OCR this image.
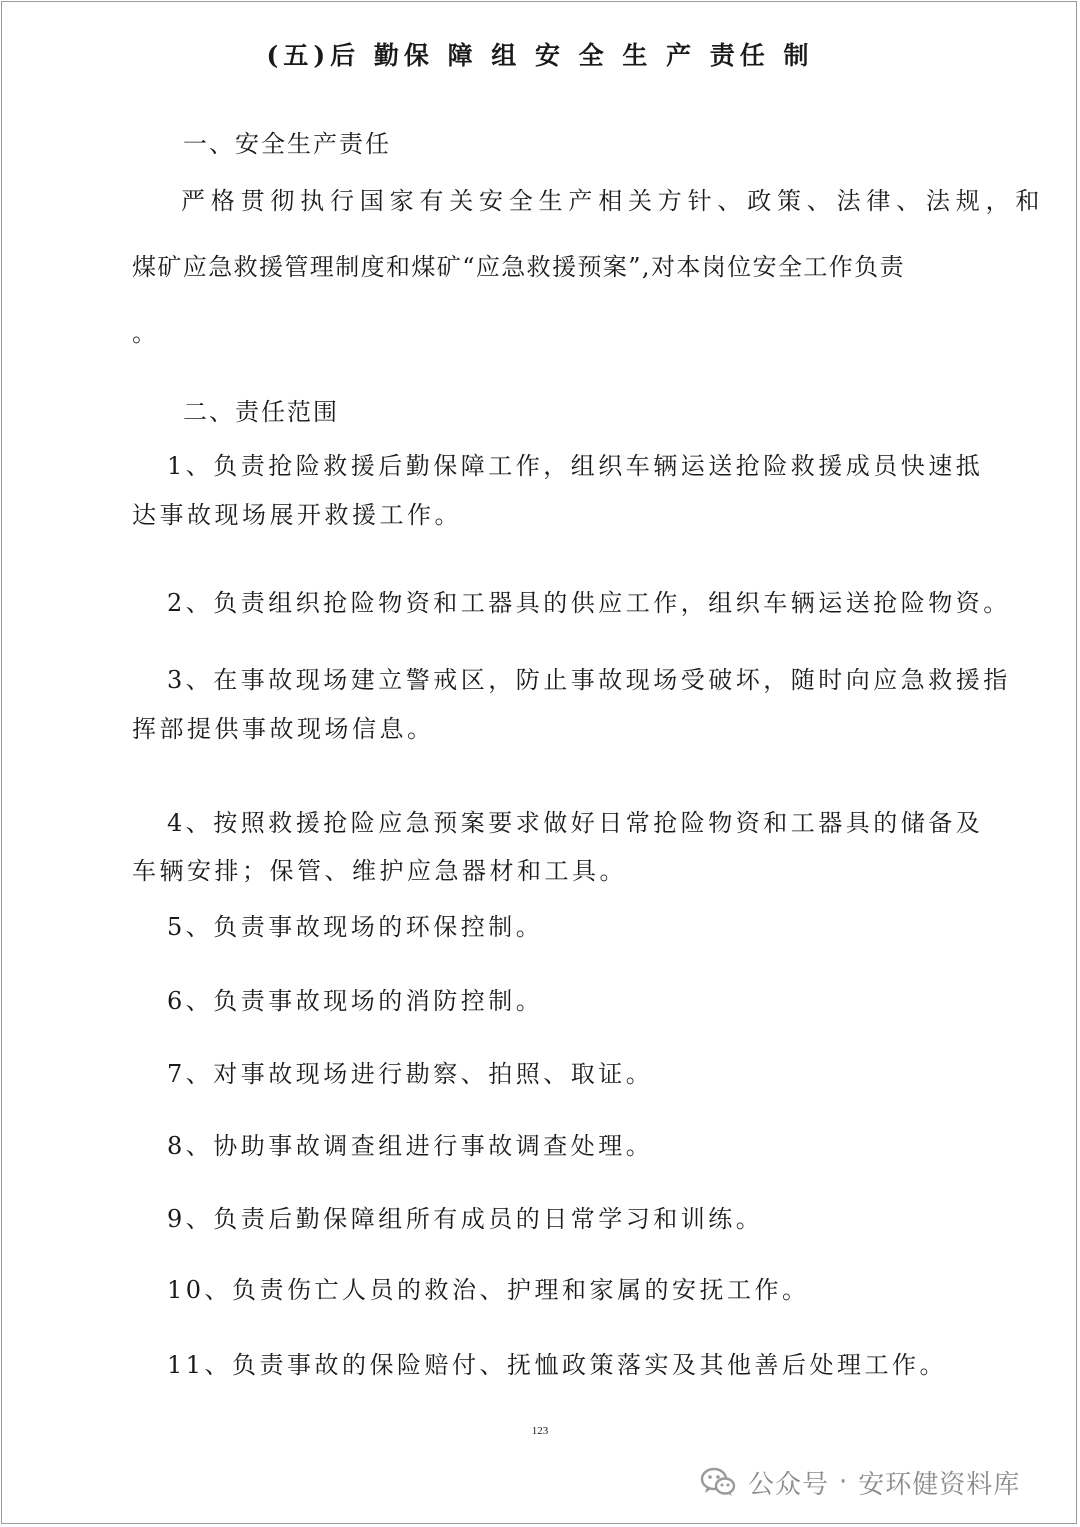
(五)后 勤保 障 组 安 全 生 产 责任 制

一、安全生产责任

严格贯彻执行国家有关安全生产相关方针、政策、法律、法规，和

煤矿应急救援管理制度和煤矿“应急救援预案”,对本岗位安全工作负责

。

二、责任范围

1、负责抢险救援后勤保障工作，组织车辆运送抢险救援成员快速抵

达事故现场展开救援工作。

2、负责组织抢险物资和工器具的供应工作，组织车辆运送抢险物资。

3、在事故现场建立警戒区，防止事故现场受破坏，随时向应急救援指

挥部提供事故现场信息。

4、按照救援抢险应急预案要求做好日常抢险物资和工器具的储备及

车辆安排；保管、维护应急器材和工具。

5、负责事故现场的环保控制。

6、负责事故现场的消防控制。

7、对事故现场进行勘察、拍照、取证。

8、协助事故调查组进行事故调查处理。

9、负责后勤保障组所有成员的日常学习和训练。

10、负责伤亡人员的救治、护理和家属的安抚工作。

11、负责事故的保险赔付、抚恤政策落实及其他善后处理工作。

123
公众号 · 安环健资料库
